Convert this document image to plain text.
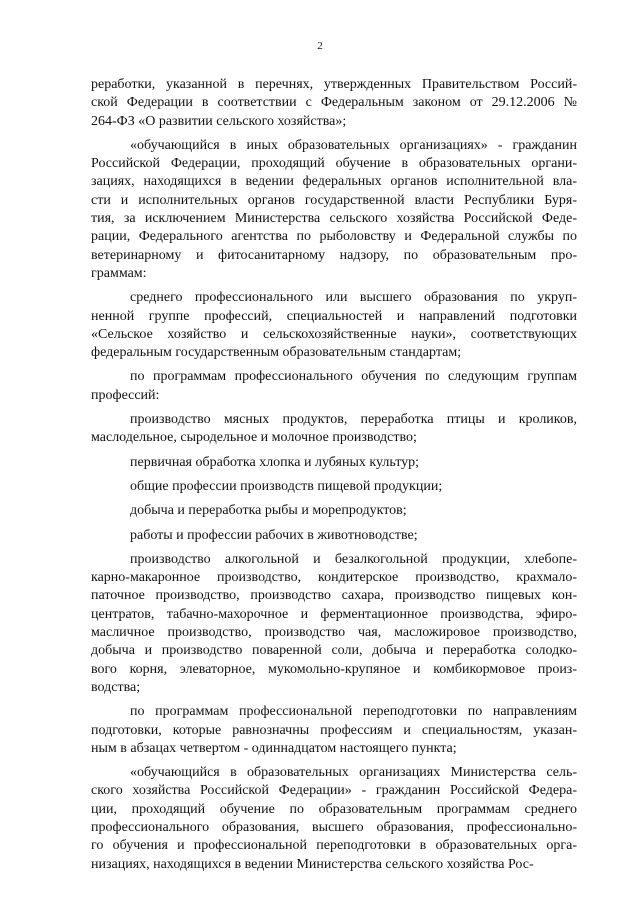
2
реработки, указанной в перечнях, утвержденных Правительством Россий-
ской Федерации в соответствии с Федеральным законом от 29.12.2006 №
264-ФЗ «О развитии сельского хозяйства»;
«обучающийся в иных образовательных организациях» - гражданин
Российской Федерации, проходящий обучение в образовательных органи-
зациях, находящихся в ведении федеральных органов исполнительной вла-
сти и исполнительных органов государственной власти Республики Буря-
тия, за исключением Министерства сельского хозяйства Российской Феде-
рации, Федерального агентства по рыболовству и Федеральной службы по
ветеринарному и фитосанитарному надзору, по образовательным про-
граммам:
среднего профессионального или высшего образования по укруп-
ненной группе профессий, специальностей и направлений подготовки
«Сельское хозяйство и сельскохозяйственные науки», соответствующих
федеральным государственным образовательным стандартам;
по программам профессионального обучения по следующим группам
профессий:
производство мясных продуктов, переработка птицы и кроликов,
маслодельное, сыродельное и молочное производство;
первичная обработка хлопка и лубяных культур;
общие профессии производств пищевой продукции;
добыча и переработка рыбы и морепродуктов;
работы и профессии рабочих в животноводстве;
производство алкогольной и безалкогольной продукции, хлебопе-
карно-макаронное производство, кондитерское производство, крахмало-
паточное производство, производство сахара, производство пищевых кон-
центратов, табачно-махорочное и ферментационное производства, эфиро-
масличное производство, производство чая, масложировое производство,
добыча и производство поваренной соли, добыча и переработка солодко-
вого корня, элеваторное, мукомольно-крупяное и комбикормовое произ-
водства;
по программам профессиональной переподготовки по направлениям
подготовки, которые равнозначны профессиям и специальностям, указан-
ным в абзацах четвертом - одиннадцатом настоящего пункта;
«обучающийся в образовательных организациях Министерства сель-
ского хозяйства Российской Федерации» - гражданин Российской Федера-
ции, проходящий обучение по образовательным программам среднего
профессионального образования, высшего образования, профессионально-
го обучения и профессиональной переподготовки в образовательных орга-
низациях, находящихся в ведении Министерства сельского хозяйства Рос-
